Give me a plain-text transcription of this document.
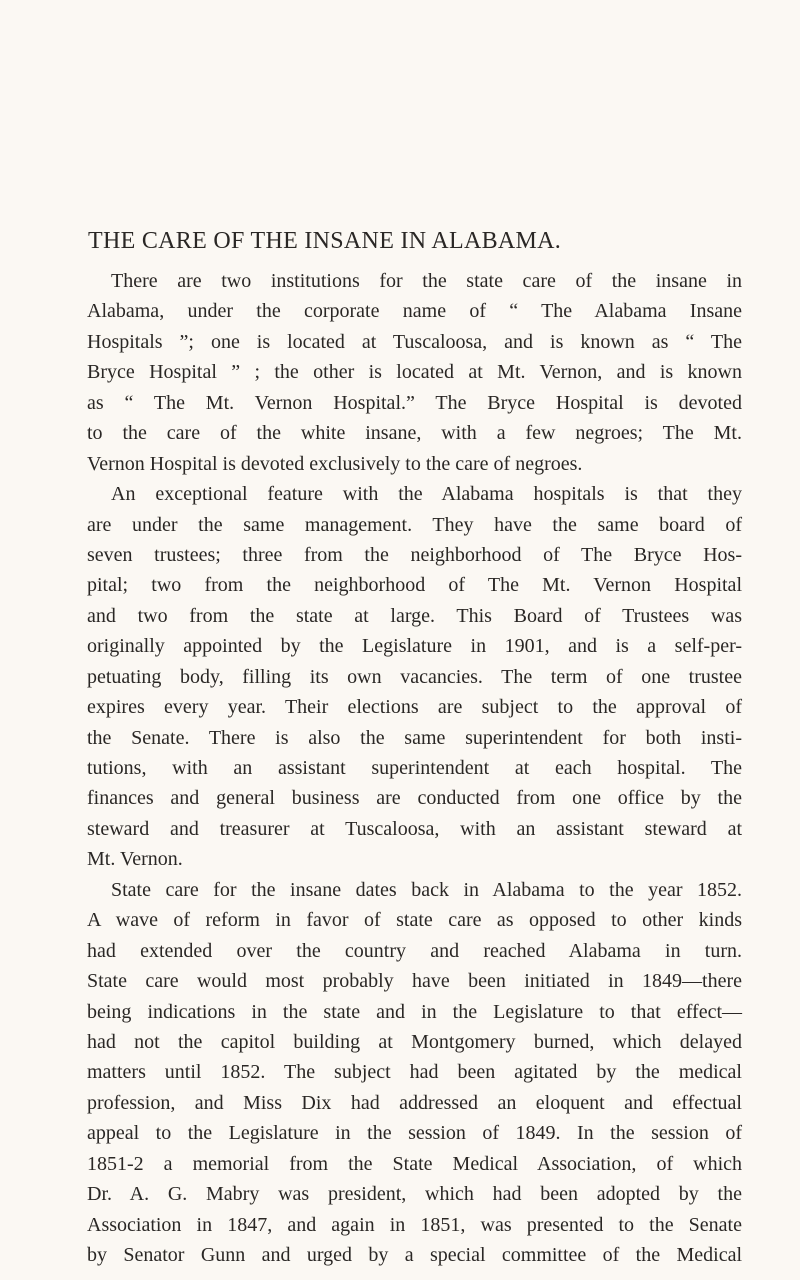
THE CARE OF THE INSANE IN ALABAMA.
There are two institutions for the state care of the insane in
Alabama, under the corporate name of “ The Alabama Insane
Hospitals ”; one is located at Tuscaloosa, and is known as “ The
Bryce Hospital ” ; the other is located at Mt. Vernon, and is known
as “ The Mt. Vernon Hospital.” The Bryce Hospital is devoted
to the care of the white insane, with a few negroes; The Mt.
Vernon Hospital is devoted exclusively to the care of negroes.
An exceptional feature with the Alabama hospitals is that they
are under the same management. They have the same board of
seven trustees; three from the neighborhood of The Bryce Hos-
pital; two from the neighborhood of The Mt. Vernon Hospital
and two from the state at large. This Board of Trustees was
originally appointed by the Legislature in 1901, and is a self-per-
petuating body, filling its own vacancies. The term of one trustee
expires every year. Their elections are subject to the approval of
the Senate. There is also the same superintendent for both insti-
tutions, with an assistant superintendent at each hospital. The
finances and general business are conducted from one office by the
steward and treasurer at Tuscaloosa, with an assistant steward at
Mt. Vernon.
State care for the insane dates back in Alabama to the year 1852.
A wave of reform in favor of state care as opposed to other kinds
had extended over the country and reached Alabama in turn.
State care would most probably have been initiated in 1849—there
being indications in the state and in the Legislature to that effect—
had not the capitol building at Montgomery burned, which delayed
matters until 1852. The subject had been agitated by the medical
profession, and Miss Dix had addressed an eloquent and effectual
appeal to the Legislature in the session of 1849. In the session of
1851-2 a memorial from the State Medical Association, of which
Dr. A. G. Mabry was president, which had been adopted by the
Association in 1847, and again in 1851, was presented to the Senate
by Senator Gunn and urged by a special committee of the Medical
